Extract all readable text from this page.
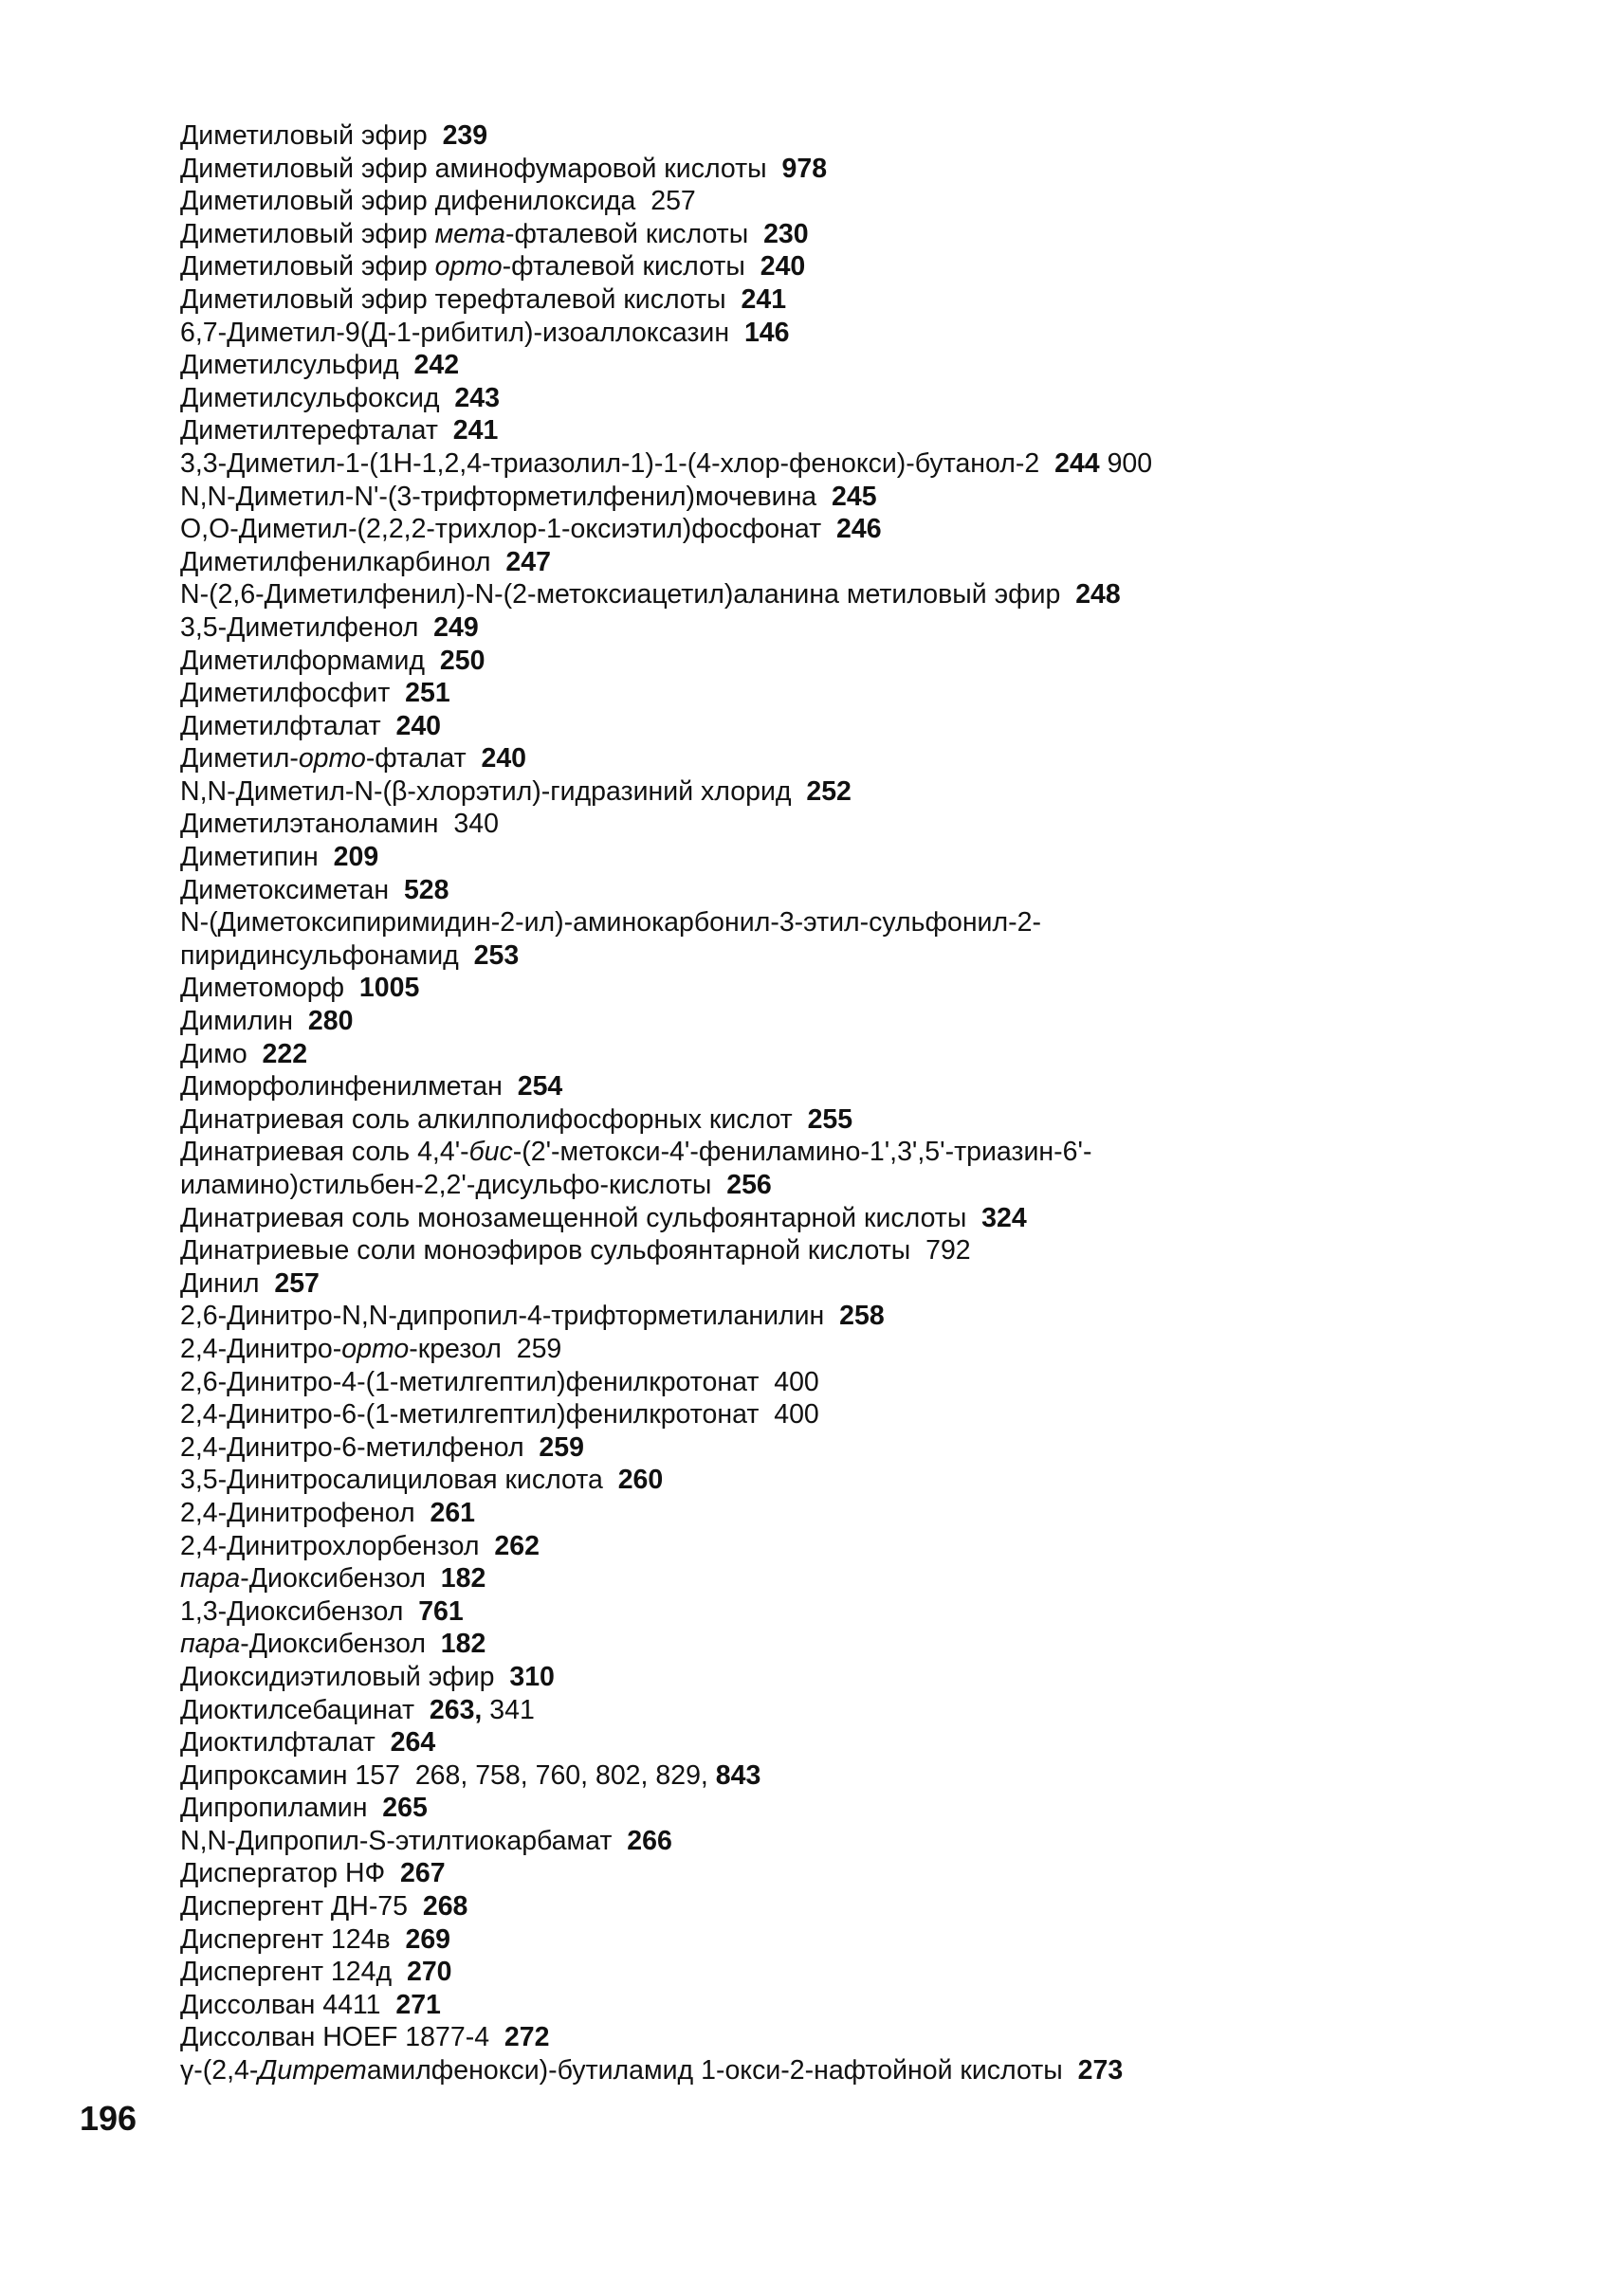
Диметиловый эфир 239
Диметиловый эфир аминофумаровой кислоты 978
Диметиловый эфир дифенилоксида 257
Диметиловый эфир мета-фталевой кислоты 230
Диметиловый эфир орто-фталевой кислоты 240
Диметиловый эфир терефталевой кислоты 241
6,7-Диметил-9(Д-1-рибитил)-изоаллоксазин 146
Диметилсульфид 242
Диметилсульфоксид 243
Диметилтерефталат 241
3,3-Диметил-1-(1Н-1,2,4-триазолил-1)-1-(4-хлор-фенокси)-бутанол-2 244 900
N,N-Диметил-N'-(3-трифторметилфенил)мочевина 245
О,О-Диметил-(2,2,2-трихлор-1-оксиэтил)фосфонат 246
Диметилфенилкарбинол 247
N-(2,6-Диметилфенил)-N-(2-метоксиацетил)аланина метиловый эфир 248
3,5-Диметилфенол 249
Диметилформамид 250
Диметилфосфит 251
Диметилфталат 240
Диметил-орто-фталат 240
N,N-Диметил-N-(β-хлорэтил)-гидразиний хлорид 252
Диметилэтаноламин 340
Диметипин 209
Диметоксиметан 528
N-(Диметоксипиримидин-2-ил)-аминокарбонил-3-этил-сульфонил-2-
пиридинсульфонамид 253
Диметоморф 1005
Димилин 280
Димо 222
Диморфолинфенилметан 254
Динатриевая соль алкилполифосфорных кислот 255
Динатриевая соль 4,4'-бис-(2'-метокси-4'-фениламино-1',3',5'-триазин-6'-
иламино)стильбен-2,2'-дисульфо-кислоты 256
Динатриевая соль монозамещенной сульфоянтарной кислоты 324
Динатриевые соли моноэфиров сульфоянтарной кислоты 792
Динил 257
2,6-Динитро-N,N-дипропил-4-трифторметиланилин 258
2,4-Динитро-орто-крезол 259
2,6-Динитро-4-(1-метилгептил)фенилкротонат 400
2,4-Динитро-6-(1-метилгептил)фенилкротонат 400
2,4-Динитро-6-метилфенол 259
3,5-Динитросалициловая кислота 260
2,4-Динитрофенол 261
2,4-Динитрохлорбензол 262
пара-Диоксибензол 182
1,3-Диоксибензол 761
пара-Диоксибензол 182
Диоксидиэтиловый эфир 310
Диоктилсебацинат 263, 341
Диоктилфталат 264
Дипроксамин 157 268, 758, 760, 802, 829, 843
Дипропиламин 265
N,N-Дипропил-S-этилтиокарбамат 266
Диспергатор НФ 267
Диспергент ДН-75 268
Диспергент 124в 269
Диспергент 124д 270
Диссолван 4411 271
Диссолван HOEF 1877-4 272
γ-(2,4-Дитретамилфенокси)-бутиламид 1-окси-2-нафтойной кислоты 273
196
